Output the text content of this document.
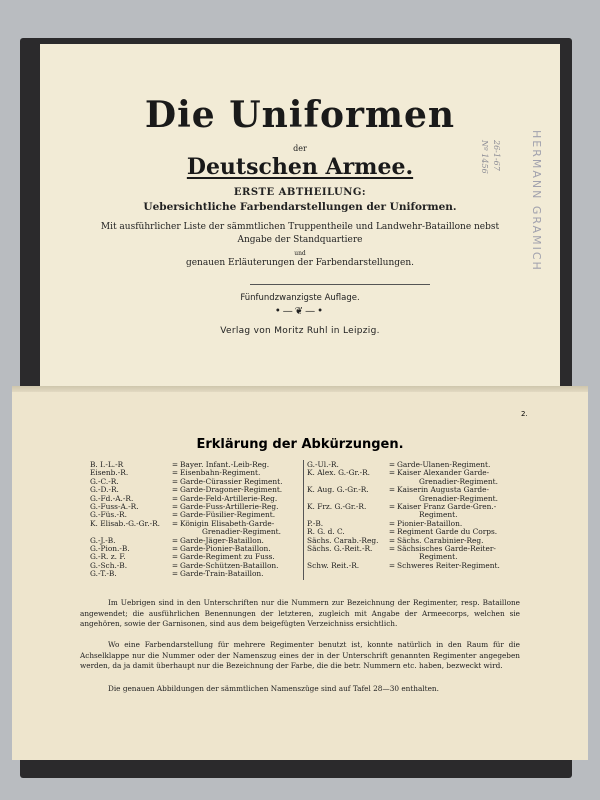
Die Uniformen
der
Deutschen Armee.
ERSTE ABTHEILUNG:
Uebersichtliche Farbendarstellungen der Uniformen.
Mit ausführlicher Liste der sämmtlichen Truppentheile und Landwehr-Bataillone nebst
Angabe der Standquartiere
und
genauen Erläuterungen der Farbendarstellungen.
Fünfundzwanzigste Auflage.
•—❦—•
Verlag von Moritz Ruhl in Leipzig.
HERMANN GRAMICH
26-1-67
Nº 1456
2.
Erklärung der Abkürzungen.
B. I.-L.-R	= Bayer. Infant.-Leib-Reg.
Eisenb.-R.	= Eisenbahn-Regiment.
G.-C.-R.	= Garde-Cürassier Regiment.
G.-D.-R.	= Garde-Dragoner-Regiment.
G.-Fd.-A.-R.	= Garde-Feld-Artillerie-Reg.
G.-Fuss-A.-R.	= Garde-Fuss-Artillerie-Reg.
G.-Füs.-R.	= Garde-Füsilier-Regiment.
K. Elisab.-G.-Gr.-R.	= Königin Elisabeth-Garde-
Grenadier-Regiment.
G.-J.-B.	= Garde-Jäger-Bataillon.
G.-Pion.-B.	= Garde-Pionier-Bataillon.
G.-R. z. F.	= Garde-Regiment zu Fuss.
G.-Sch.-B.	= Garde-Schützen-Bataillon.
G.-T.-B.	= Garde-Train-Bataillon.
G.-Ul.-R.	= Garde-Ulanen-Regiment.
K. Alex. G.-Gr.-R.	= Kaiser Alexander Garde-
Grenadier-Regiment.
K. Aug. G.-Gr.-R.	= Kaiserin Augusta Garde-
Grenadier-Regiment.
K. Frz. G.-Gr.-R.	= Kaiser Franz Garde-Gren.-
Regiment.
P.-B.	= Pionier-Bataillon.
R. G. d. C.	= Regiment Garde du Corps.
Sächs. Carab.-Reg.	= Sächs. Carabinier-Reg.
Sächs. G.-Reit.-R.	= Sächsisches Garde-Reiter-
Regiment.
Schw. Reit.-R.	= Schweres Reiter-Regiment.
Im Uebrigen sind in den Unterschriften nur die Nummern zur Bezeichnung der Regimenter, resp. Bataillone angewendet; die ausführlichen Benennungen der letzteren, zugleich mit Angabe der Armeecorps, welchen sie angehören, sowie der Garnisonen, sind aus dem beigefügten Verzeichniss ersichtlich.
Wo eine Farbendarstellung für mehrere Regimenter benutzt ist, konnte natürlich in den Raum für die Achselklappe nur die Nummer oder der Namenszug eines der in der Unterschrift genannten Regimenter angegeben werden, da ja damit überhaupt nur die Bezeichnung der Farbe, die die betr. Nummern etc. haben, bezweckt wird.
Die genauen Abbildungen der sämmtlichen Namenszüge sind auf Tafel 28—30 enthalten.
